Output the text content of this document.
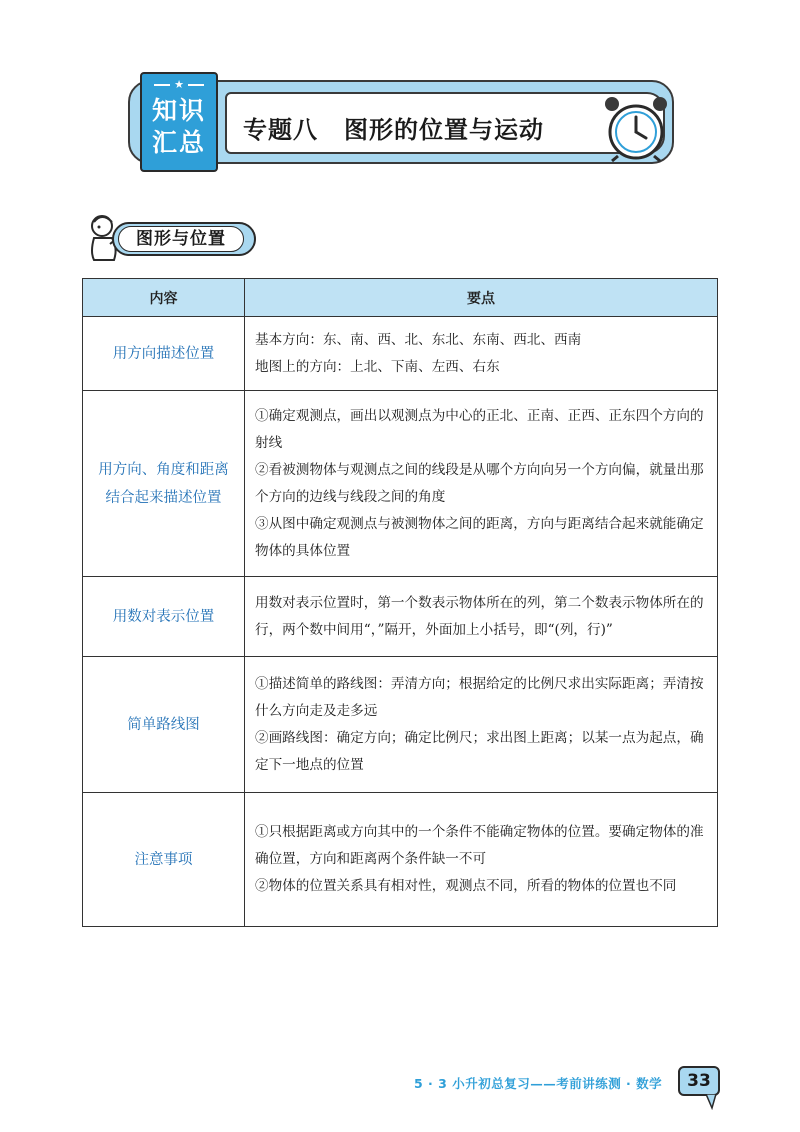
★
知识
汇总 专题八 图形的位置与运动
图形与位置
内容	要点
用方向描述位置	基本方向：东、南、西、北、东北、东南、西北、西南

地图上的方向：上北、下南、左西、右东

用方向、角度和距离结合起来描述位置	①确定观测点，画出以观测点为中心的正北、正南、正西、正东四个方向的射线

②看被测物体与观测点之间的线段是从哪个方向向另一个方向偏，就量出那个方向的边线与线段之间的角度

③从图中确定观测点与被测物体之间的距离，方向与距离结合起来就能确定物体的具体位置

用数对表示位置	用数对表示位置时，第一个数表示物体所在的列，第二个数表示物体所在的行，两个数中间用“，”隔开，外面加上小括号，即“(列，行)”

简单路线图	①描述简单的路线图：弄清方向；根据给定的比例尺求出实际距离；弄清按什么方向走及走多远

②画路线图：确定方向；确定比例尺；求出图上距离；以某一点为起点，确定下一地点的位置

注意事项	①只根据距离或方向其中的一个条件不能确定物体的位置。要确定物体的准确位置，方向和距离两个条件缺一不可

②物体的位置关系具有相对性，观测点不同，所看的物体的位置也不同

5 · 3 小升初总复习——考前讲练测 · 数学	33
